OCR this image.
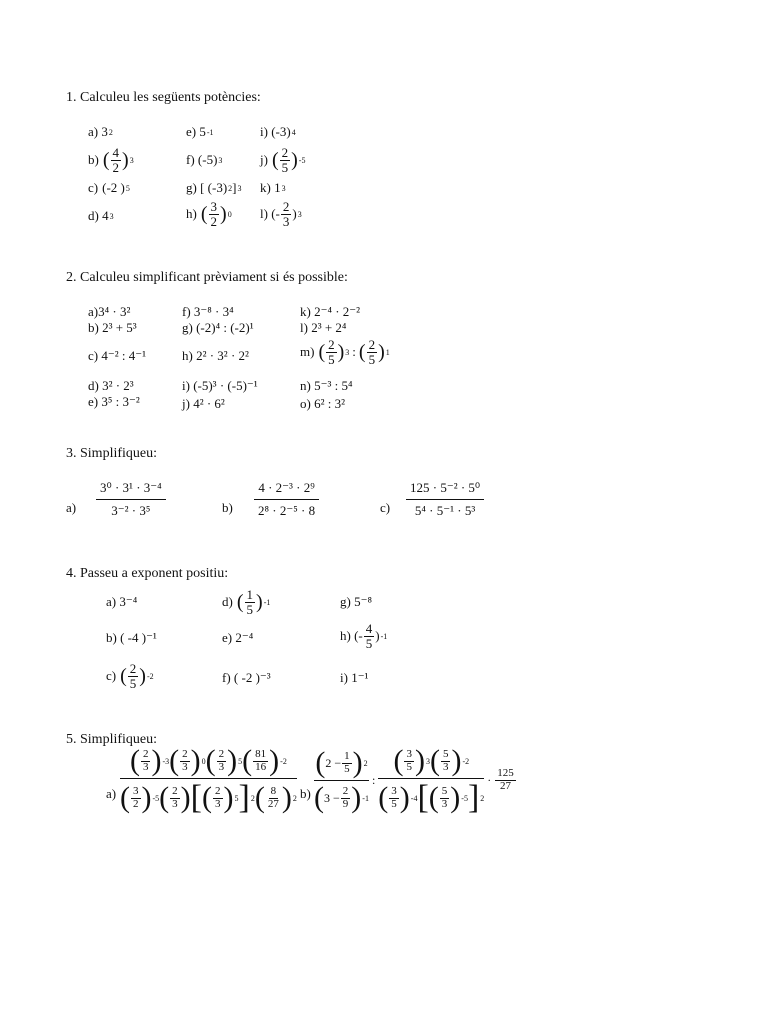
1. Calculeu les següents potències:
a) 3 2
b) ( $\frac{4}{2}$ ) 3
c) (-2 ) 5
d) 4 3
e) 5 -1
f) (-5) 3
g) [ (-3) 2 ] 3
h) ( $\frac{3}{2}$ ) 0
i) (-3) 4
j) ( $\frac{2}{5}$ ) -5
k) 1 3
l) (- $\frac{2}{3}$ ) 3
2. Calculeu simplificant prèviament si és possible:
a)3⁴ · 3²
b) 2³ + 5³
c) 4⁻² : 4⁻¹
d) 3² · 2³
e) 3⁵ : 3⁻²
f) 3⁻⁸ · 3⁴
g) (-2)⁴ : (-2)¹
h) 2² · 3² · 2²
i) (-5)³ · (-5)⁻¹
j) 4² · 6²
k) 2⁻⁴ · 2⁻²
l) 2³ + 2⁴
m) ( $\frac{2}{5}$ ) 3 : ( $\frac{2}{5}$ ) 1
n) 5⁻³ : 5⁴
o) 6² : 3²
3. Simplifiqueu:
a)
3⁰ · 3¹ · 3⁻⁴
3⁻² · 3⁵	b)
4 · 2⁻³ · 2⁹
2⁸ · 2⁻⁵ · 8	c)
125 · 5⁻² · 5⁰
5⁴ · 5⁻¹ · 5³
4. Passeu a exponent positiu:
a) 3⁻⁴
b) ( -4 )⁻¹
c) ( $\frac{2}{5}$ ) -2
d) ( $\frac{1}{5}$ ) -1
e) 2⁻⁴
f) ( -2 )⁻³
g) 5⁻⁸
h) (- $\frac{4}{5}$ ) -1
i) 1⁻¹
5. Simplifiqueu:
a)
( $\frac{2}{3}$ ) -3 ( $\frac{2}{3}$ ) 0 ( $\frac{2}{3}$ ) 5 ( $\frac{81}{16}$ ) -2
( $\frac{3}{2}$ ) -5 ( $\frac{2}{3}$ ) [ ( $\frac{2}{3}$ ) 5 ] 2 ( $\frac{8}{27}$ ) 2 b)
( $2 - \frac{1}{5}$ ) 2
( $3 - \frac{2}{9}$ ) -1
:
( $\frac{3}{5}$ ) 3 ( $\frac{5}{3}$ ) -2
( $\frac{3}{5}$ ) -4 [ ( $\frac{5}{3}$ ) -5 ] 2
· $\frac{125}{27}$
